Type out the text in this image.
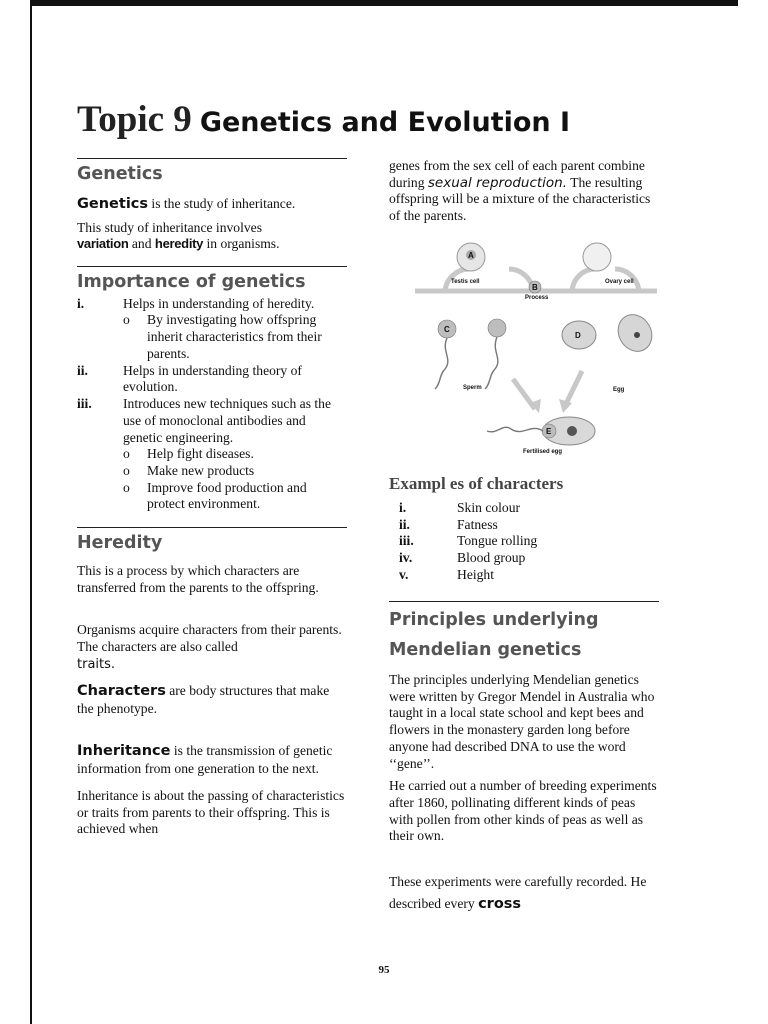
Topic 9 Genetics and Evolution I
Genetics

Genetics is the study of inheritance.

This study of inheritance involves
variation and heredity in organisms.

Importance of genetics
i.	Helps in understanding of heredity.
o	By investigating how offspring inherit characteristics from their parents.
ii.	Helps in understanding theory of evolution.
iii.	Introduces new techniques such as the use of monoclonal antibodies and genetic engineering.
o	Help fight diseases.
o	Make new products
o	Improve food production and protect environment.
Heredity

This is a process by which characters are transferred from the parents to the offspring.

Organisms acquire characters from their parents. The characters are also called
traits.

Characters are body structures that make the phenotype.

Inheritance is the transmission of genetic information from one generation to the next.

Inheritance is about the passing of characteristics or traits from parents to their offspring. This is achieved when

genes from the sex cell of each parent combine during sexual reproduction. The resulting offspring will be a mixture of the characteristics of the parents.

A
Testis cell	Ovary cell
B
Process
C
Sperm
D
Egg
E
Fertilised egg
Exampl es of characters
i.	Skin colour
ii.	Fatness
iii.	Tongue rolling
iv.	Blood group
v.	Height
Principles underlying
Mendelian genetics

The principles underlying Mendelian genetics were written by Gregor Mendel in Australia who taught in a local state school and kept bees and flowers in the monastery garden long before anyone had described DNA to use the word ‘‘gene’’.

He carried out a number of breeding experiments after 1860, pollinating different kinds of peas with pollen from other kinds of peas as well as their own.

These experiments were carefully recorded. He described every cross

95
